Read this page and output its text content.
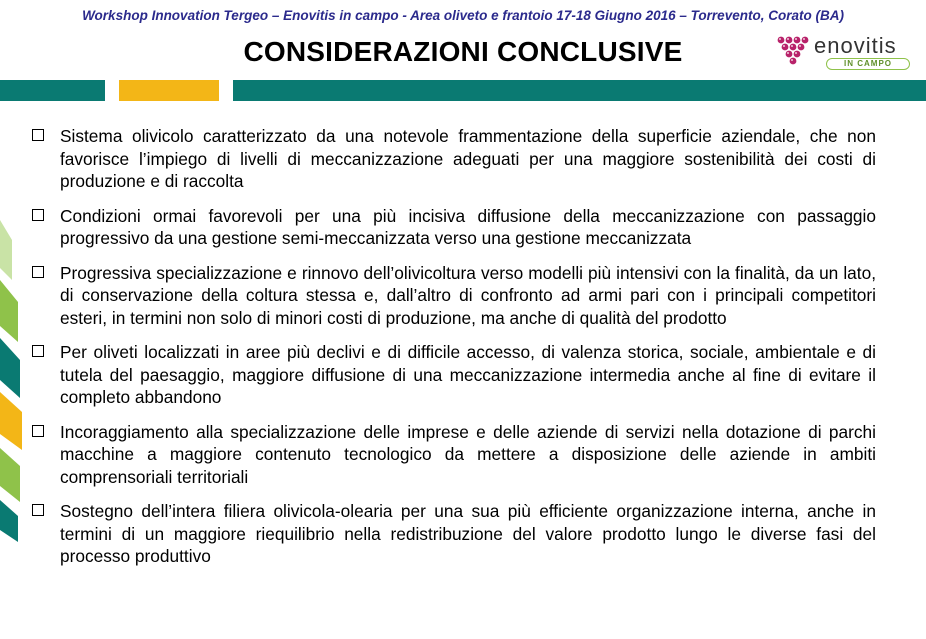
Workshop Innovation Tergeo – Enovitis in campo - Area oliveto e frantoio 17-18 Giugno 2016 – Torrevento, Corato (BA)
CONSIDERAZIONI CONCLUSIVE	enovitis
IN CAMPO
Sistema olivicolo caratterizzato da una notevole frammentazione della superficie aziendale, che non favorisce l’impiego di livelli di meccanizzazione adeguati per una maggiore sostenibilità dei costi di produzione e di raccolta
Condizioni ormai favorevoli per una più incisiva diffusione della meccanizzazione con passaggio progressivo da una gestione semi-meccanizzata verso una gestione meccanizzata
Progressiva specializzazione e rinnovo dell’olivicoltura verso modelli più intensivi con la finalità, da un lato, di conservazione della coltura stessa e, dall’altro di confronto ad armi pari con i principali competitori esteri, in termini non solo di minori costi di produzione, ma anche di qualità del prodotto
Per oliveti localizzati in aree più declivi e di difficile accesso, di valenza storica, sociale, ambientale e di tutela del paesaggio, maggiore diffusione di una meccanizzazione intermedia anche al fine di evitare il completo abbandono
Incoraggiamento alla specializzazione delle imprese e delle aziende di servizi nella dotazione di parchi macchine a maggiore contenuto tecnologico da mettere a disposizione delle aziende in ambiti comprensoriali territoriali
Sostegno dell’intera filiera olivicola-olearia per una sua più efficiente organizzazione interna, anche in termini di un maggiore riequilibrio nella redistribuzione del valore prodotto lungo le diverse fasi del processo produttivo
